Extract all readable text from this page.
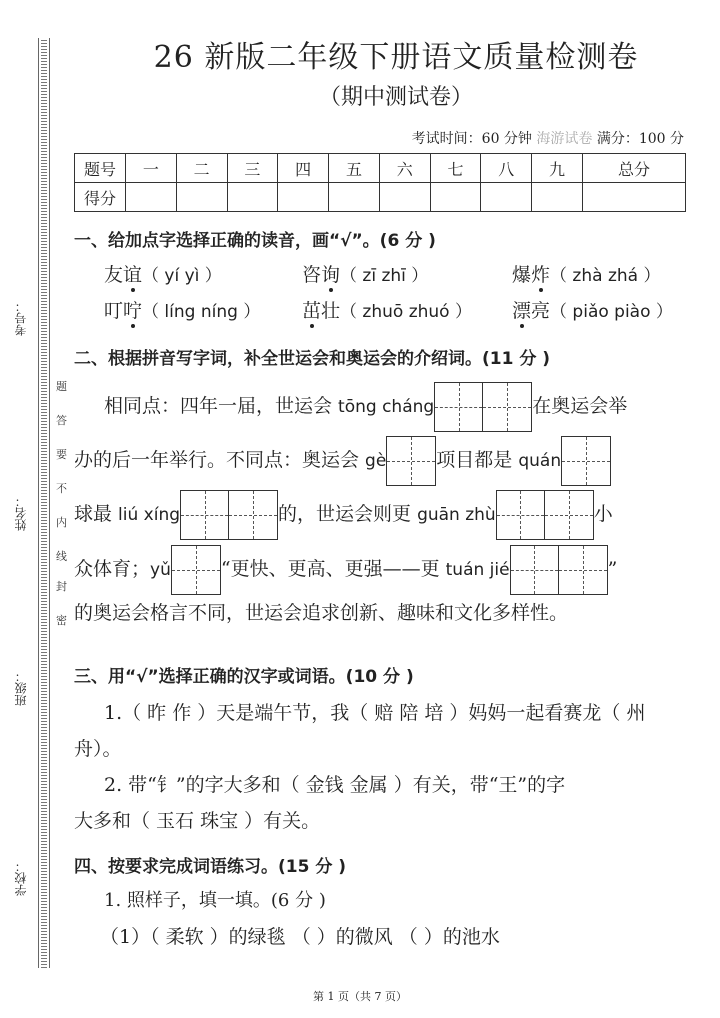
考号：
姓名：
班级：
学校：
密
封
线
内
不
要
答
题
26 新版二年级下册语文质量检测卷
（期中测试卷）
考试时间：60 分钟 海游试卷 满分：100 分
题号	一	二	三	四	五	六	七	八	九	总分
得分										
一、给加点字选择正确的读音，画“√”。(6 分 )
友谊（ yí yì ）	咨询（ zī zhī ）	爆炸（ zhà zhá ）
叮咛（ líng níng ） 茁壮（ zhuō zhuó ） 漂亮（ piǎo piào ）
二、根据拼音写字词，补全世运会和奥运会的介绍词。(11 分 )
相同点：四年一届，世运会 tōng cháng	在奥运会举
办的后一年举行。不同点：奥运会 gè	项目都是 quán
球最 liú xíng	的，世运会则更 guān zhù	小
众体育；yǔ	“更快、更高、更强——更 tuán jié	”
的奥运会格言不同，世运会追求创新、趣味和文化多样性。
三、用“√”选择正确的汉字或词语。(10 分 )
1.（ 昨 作 ）天是端午节，我（ 赔 陪 培 ）妈妈一起看赛龙（ 州
舟）。
2. 带“钅”的字大多和（ 金钱 金属 ）有关，带“王”的字
大多和（ 玉石 珠宝 ）有关。
四、按要求完成词语练习。(15 分 )
1. 照样子，填一填。(6 分 )
（1）（ 柔软 ）的绿毯 （ ）的微风 （ ）的池水
第 1 页（共 7 页）
